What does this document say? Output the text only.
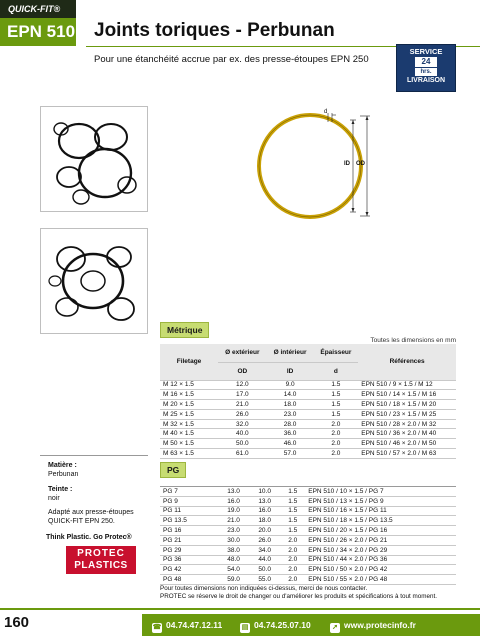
QUICK-FIT®
EPN 510 Joints toriques - Perbunan
Pour une étanchéité accrue par ex. des presse-étoupes EPN 250
SERVICE
24
hrs.
LIVRAISON
d
ID OD
Matière :
Perbunan
Teinte :
noir
Adapté aux presse-étoupes
QUICK-FIT EPN 250.
Think Plastic. Go Protec®
PROTEC
PLASTICS
Métrique
Toutes les dimensions en mm
Filetage	Ø extérieur	Ø intérieur	Épaisseur	Références
	OD	ID	d	
M 12 × 1.5	12.0	9.0	1.5	EPN 510 / 9 × 1.5 / M 12
M 16 × 1.5	17.0	14.0	1.5	EPN 510 / 14 × 1.5 / M 16
M 20 × 1.5	21.0	18.0	1.5	EPN 510 / 18 × 1.5 / M 20
M 25 × 1.5	26.0	23.0	1.5	EPN 510 / 23 × 1.5 / M 25
M 32 × 1.5	32.0	28.0	2.0	EPN 510 / 28 × 2.0 / M 32
M 40 × 1.5	40.0	36.0	2.0	EPN 510 / 36 × 2.0 / M 40
M 50 × 1.5	50.0	46.0	2.0	EPN 510 / 46 × 2.0 / M 50
M 63 × 1.5	61.0	57.0	2.0	EPN 510 / 57 × 2.0 / M 63
PG
PG 7	13.0	10.0	1.5	EPN 510 / 10 × 1.5 / PG 7
PG 9	16.0	13.0	1.5	EPN 510 / 13 × 1.5 / PG 9
PG 11	19.0	16.0	1.5	EPN 510 / 16 × 1.5 / PG 11
PG 13.5	21.0	18.0	1.5	EPN 510 / 18 × 1.5 / PG 13.5
PG 16	23.0	20.0	1.5	EPN 510 / 20 × 1.5 / PG 16
PG 21	30.0	26.0	2.0	EPN 510 / 26 × 2.0 / PG 21
PG 29	38.0	34.0	2.0	EPN 510 / 34 × 2.0 / PG 29
PG 36	48.0	44.0	2.0	EPN 510 / 44 × 2.0 / PG 36
PG 42	54.0	50.0	2.0	EPN 510 / 50 × 2.0 / PG 42
PG 48	59.0	55.0	2.0	EPN 510 / 55 × 2.0 / PG 48
Pour toutes dimensions non indiquées ci-dessus, merci de nous contacter.
PROTEC se réserve le droit de changer ou d'améliorer les produits et spécifications à tout moment.
160	☎ 04.74.47.12.11	▤ 04.74.25.07.10	➚ www.protecinfo.fr
